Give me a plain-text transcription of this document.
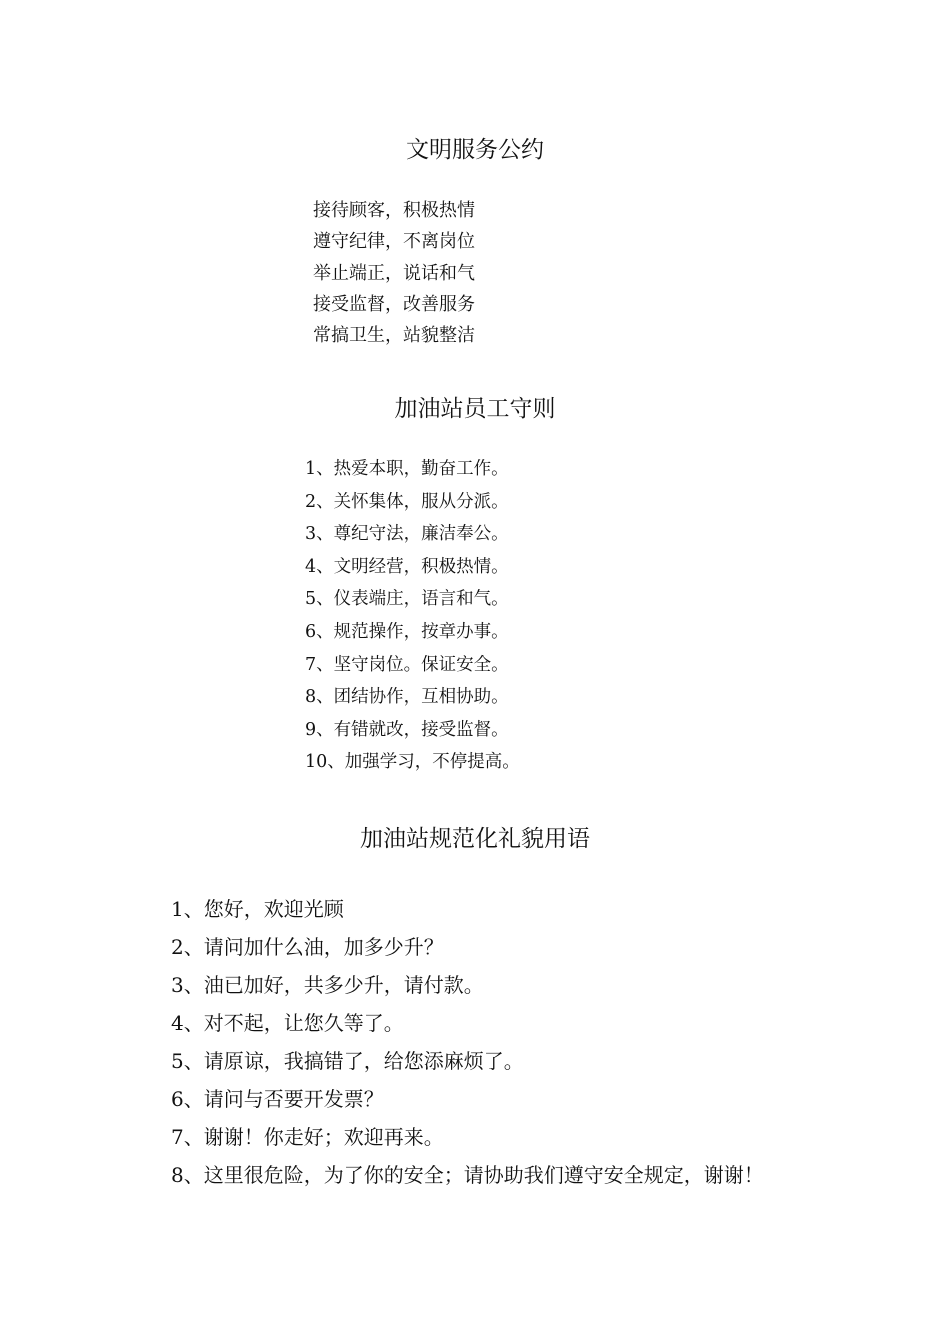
文明服务公约
接待顾客，积极热情
遵守纪律，不离岗位
举止端正，说话和气
接受监督，改善服务
常搞卫生，站貌整洁
加油站员工守则
1、热爱本职，勤奋工作。
2、关怀集体，服从分派。
3、尊纪守法，廉洁奉公。
4、文明经营，积极热情。
5、仪表端庄，语言和气。
6、规范操作，按章办事。
7、坚守岗位。保证安全。
8、团结协作，互相协助。
9、有错就改，接受监督。
10、加强学习，不停提高。
加油站规范化礼貌用语
1、您好，欢迎光顾
2、请问加什么油，加多少升？
3、油已加好，共多少升，请付款。
4、对不起，让您久等了。
5、请原谅，我搞错了，给您添麻烦了。
6、请问与否要开发票？
7、谢谢！你走好；欢迎再来。
8、这里很危险，为了你的安全；请协助我们遵守安全规定，谢谢！
